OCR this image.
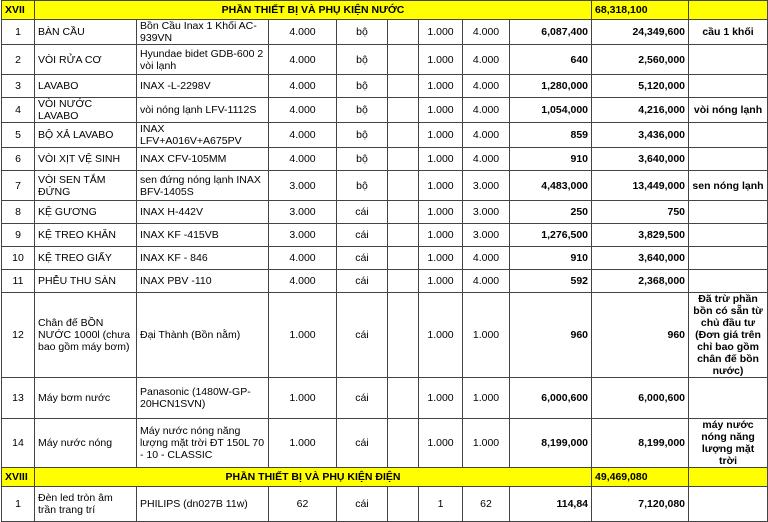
XVII	PHẦN THIẾT BỊ VÀ PHỤ KIỆN NƯỚC								68,318,100	
1	BÀN CẦU	Bồn Cầu Inax 1 Khối AC-939VN	4.000	bộ		1.000	4.000	6,087,400	24,349,600	cầu 1 khối
2	VÒI RỬA CƠ	Hyundae bidet GDB-600 2 vòi lạnh	4.000	bộ		1.000	4.000	640	2,560,000	
3	LAVABO	INAX -L-2298V	4.000	bộ		1.000	4.000	1,280,000	5,120,000	
4	VÒI NƯỚC LAVABO	vòi nóng lạnh LFV-1112S	4.000	bộ		1.000	4.000	1,054,000	4,216,000	vòi nóng lạnh
5	BỘ XẢ LAVABO	INAX LFV+A016V+A675PV	4.000	bộ		1.000	4.000	859	3,436,000	
6	VÒI XỊT VỆ SINH	INAX CFV-105MM	4.000	bộ		1.000	4.000	910	3,640,000	
7	VÒI SEN TẮM ĐỨNG	sen đứng nóng lạnh INAX BFV-1405S	3.000	bộ		1.000	3.000	4,483,000	13,449,000	sen nóng lạnh
8	KỆ GƯƠNG	INAX H-442V	3.000	cái		1.000	3.000	250	750	
9	KỆ TREO KHĂN	INAX KF -415VB	3.000	cái		1.000	3.000	1,276,500	3,829,500	
10	KỆ TREO GIẤY	INAX KF - 846	4.000	cái		1.000	4.000	910	3,640,000	
11	PHỄU THU SÀN	INAX PBV -110	4.000	cái		1.000	4.000	592	2,368,000	
12	Chân đế BỒN NƯỚC 1000l (chưa bao gồm máy bơm)	Đại Thành (Bồn nằm)	1.000	cái		1.000	1.000	960	960	Đã trừ phần bồn có sẵn từ chủ đầu tư (Đơn giá trên chỉ bao gồm chân đế bồn nước)
13	Máy bơm nước	Panasonic (1480W-GP-20HCN1SVN)	1.000	cái		1.000	1.000	6,000,600	6,000,600	
14	Máy nước nóng	Máy nước nóng năng lượng mặt trời ĐT 150L 70 - 10 - CLASSIC	1.000	cái		1.000	1.000	8,199,000	8,199,000	máy nước nóng năng lượng mặt trời
XVIII	PHẦN THIẾT BỊ VÀ PHỤ KIỆN ĐIỆN								49,469,080	
1	Đèn led tròn âm trần trang trí	PHILIPS (dn027B 11w)	62	cái		1	62	114,84	7,120,080	
